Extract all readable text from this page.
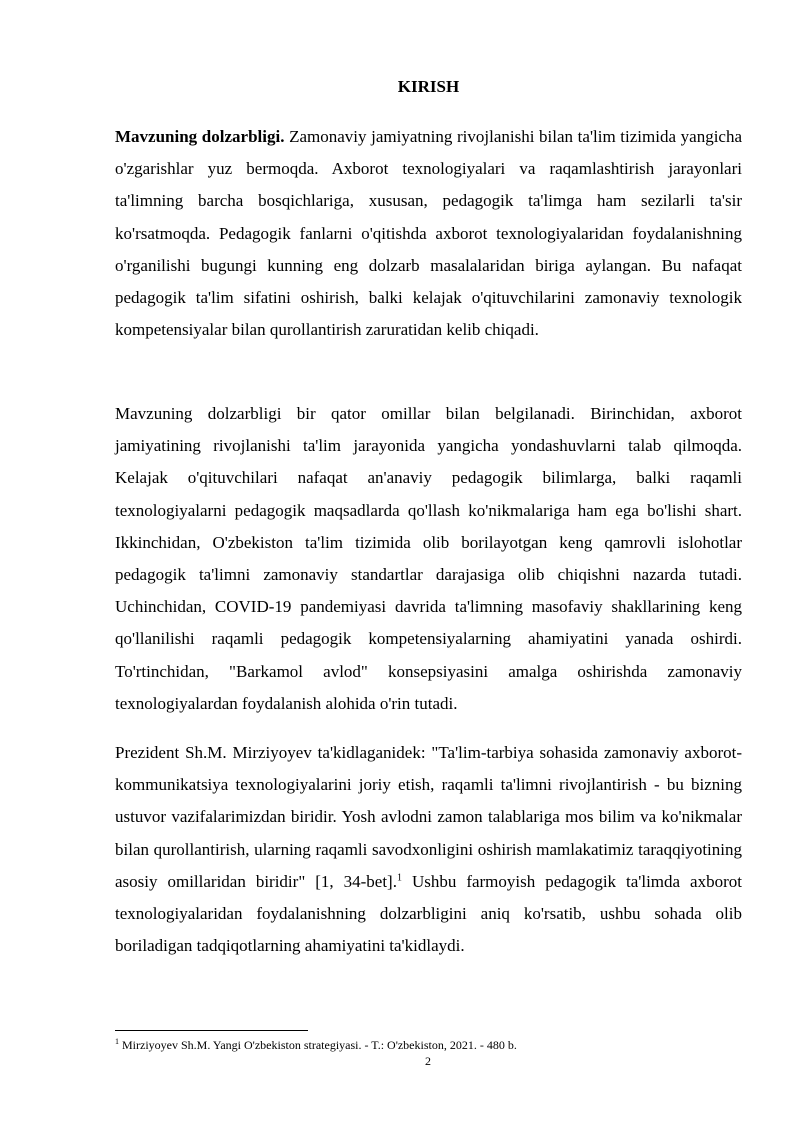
KIRISH

Mavzuning dolzarbligi. Zamonaviy jamiyatning rivojlanishi bilan ta'lim tizimida yangicha o'zgarishlar yuz bermoqda. Axborot texnologiyalari va raqamlashtirish jarayonlari ta'limning barcha bosqichlariga, xususan, pedagogik ta'limga ham sezilarli ta'sir ko'rsatmoqda. Pedagogik fanlarni o'qitishda axborot texnologiyalaridan foydalanishning o'rganilishi bugungi kunning eng dolzarb masalalaridan biriga aylangan. Bu nafaqat pedagogik ta'lim sifatini oshirish, balki kelajak o'qituvchilarini zamonaviy texnologik kompetensiyalar bilan qurollantirish zaruratidan kelib chiqadi.

Mavzuning dolzarbligi bir qator omillar bilan belgilanadi. Birinchidan, axborot jamiyatining rivojlanishi ta'lim jarayonida yangicha yondashuvlarni talab qilmoqda. Kelajak o'qituvchilari nafaqat an'anaviy pedagogik bilimlarga, balki raqamli texnologiyalarni pedagogik maqsadlarda qo'llash ko'nikmalariga ham ega bo'lishi shart. Ikkinchidan, O'zbekiston ta'lim tizimida olib borilayotgan keng qamrovli islohotlar pedagogik ta'limni zamonaviy standartlar darajasiga olib chiqishni nazarda tutadi. Uchinchidan, COVID-19 pandemiyasi davrida ta'limning masofaviy shakllarining keng qo'llanilishi raqamli pedagogik kompetensiyalarning ahamiyatini yanada oshirdi. To'rtinchidan, "Barkamol avlod" konsepsiyasini amalga oshirishda zamonaviy texnologiyalardan foydalanish alohida o'rin tutadi.

Prezident Sh.M. Mirziyoyev ta'kidlaganidek: "Ta'lim-tarbiya sohasida zamonaviy axborot-kommunikatsiya texnologiyalarini joriy etish, raqamli ta'limni rivojlantirish - bu bizning ustuvor vazifalarimizdan biridir. Yosh avlodni zamon talablariga mos bilim va ko'nikmalar bilan qurollantirish, ularning raqamli savodxonligini oshirish mamlakatimiz taraqqiyotining asosiy omillaridan biridir" [1, 34-bet].$^1$ Ushbu farmoyish pedagogik ta'limda axborot texnologiyalaridan foydalanishning dolzarbligini aniq ko'rsatib, ushbu sohada olib boriladigan tadqiqotlarning ahamiyatini ta'kidlaydi.

$^1$ Mirziyoyev Sh.M. Yangi O'zbekiston strategiyasi. - T.: O'zbekiston, 2021. - 480 b.

2
